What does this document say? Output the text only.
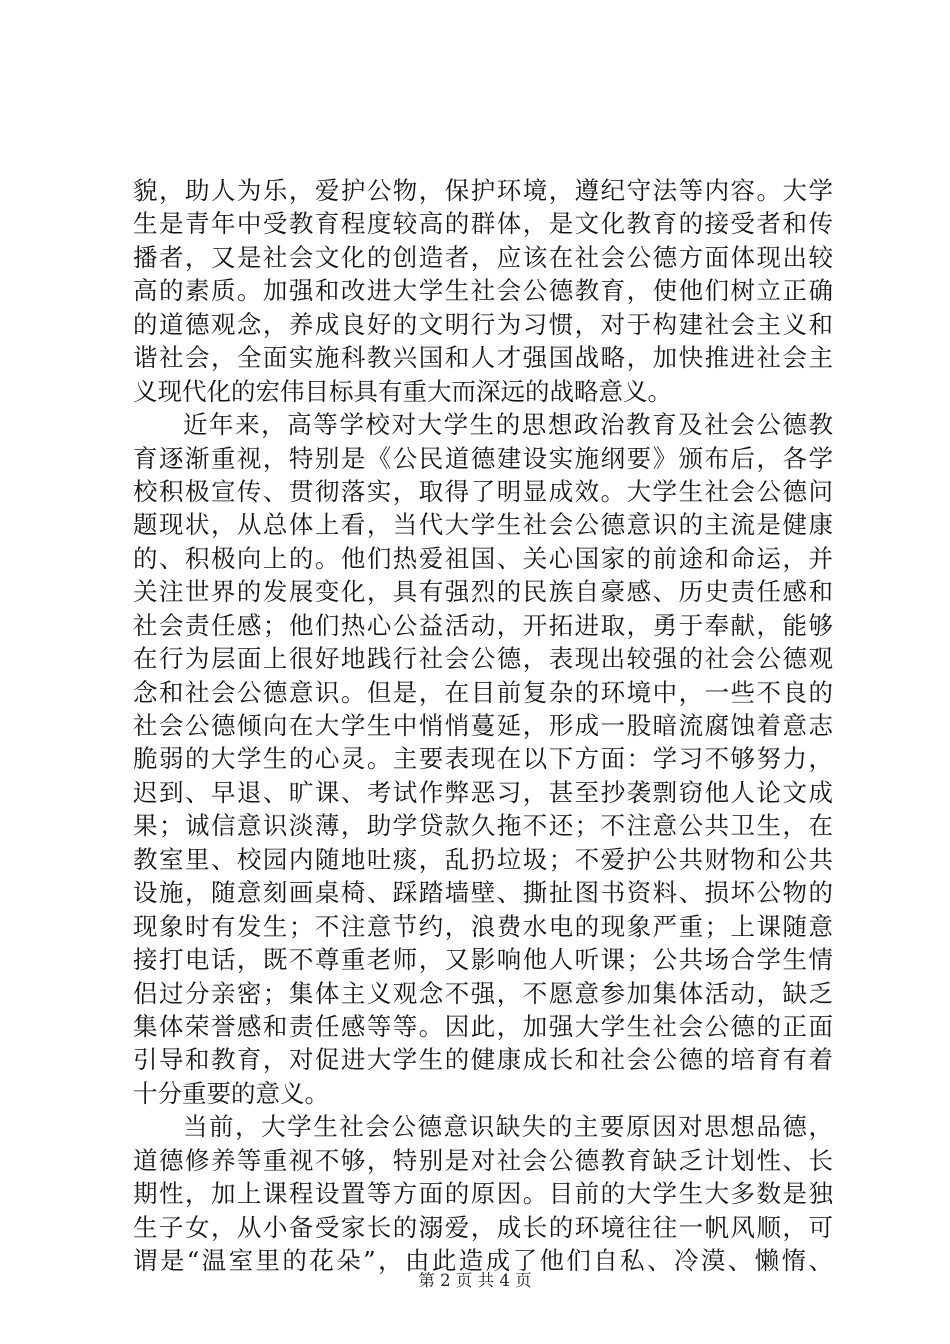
貌，助人为乐，爱护公物，保护环境，遵纪守法等内容。大学
生是青年中受教育程度较高的群体，是文化教育的接受者和传
播者，又是社会文化的创造者，应该在社会公德方面体现出较
高的素质。加强和改进大学生社会公德教育，使他们树立正确
的道德观念，养成良好的文明行为习惯，对于构建社会主义和
谐社会，全面实施科教兴国和人才强国战略，加快推进社会主
义现代化的宏伟目标具有重大而深远的战略意义。
近年来，高等学校对大学生的思想政治教育及社会公德教
育逐渐重视，特别是《公民道德建设实施纲要》颁布后，各学
校积极宣传、贯彻落实，取得了明显成效。大学生社会公德问
题现状，从总体上看，当代大学生社会公德意识的主流是健康
的、积极向上的。他们热爱祖国、关心国家的前途和命运，并
关注世界的发展变化，具有强烈的民族自豪感、历史责任感和
社会责任感；他们热心公益活动，开拓进取，勇于奉献，能够
在行为层面上很好地践行社会公德，表现出较强的社会公德观
念和社会公德意识。但是，在目前复杂的环境中，一些不良的
社会公德倾向在大学生中悄悄蔓延，形成一股暗流腐蚀着意志
脆弱的大学生的心灵。主要表现在以下方面：学习不够努力，
迟到、早退、旷课、考试作弊恶习，甚至抄袭剽窃他人论文成
果；诚信意识淡薄，助学贷款久拖不还；不注意公共卫生，在
教室里、校园内随地吐痰，乱扔垃圾；不爱护公共财物和公共
设施，随意刻画桌椅、踩踏墙壁、撕扯图书资料、损坏公物的
现象时有发生；不注意节约，浪费水电的现象严重；上课随意
接打电话，既不尊重老师，又影响他人听课；公共场合学生情
侣过分亲密；集体主义观念不强，不愿意参加集体活动，缺乏
集体荣誉感和责任感等等。因此，加强大学生社会公德的正面
引导和教育，对促进大学生的健康成长和社会公德的培育有着
十分重要的意义。
当前，大学生社会公德意识缺失的主要原因对思想品德，
道德修养等重视不够，特别是对社会公德教育缺乏计划性、长
期性，加上课程设置等方面的原因。目前的大学生大多数是独
生子女，从小备受家长的溺爱，成长的环境往往一帆风顺，可
谓是“温室里的花朵”，由此造成了他们自私、冷漠、懒惰、
第 2 页 共 4 页
